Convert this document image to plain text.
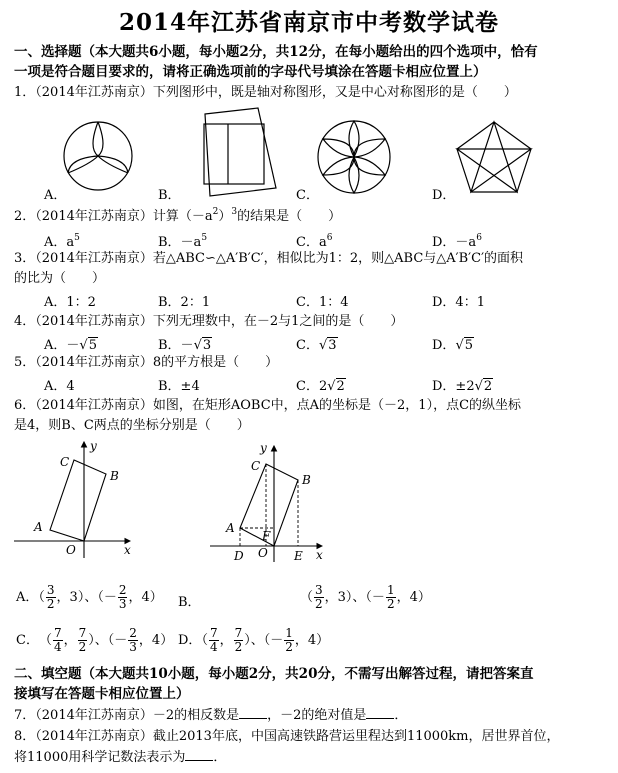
2014年江苏省南京市中考数学试卷
一、选择题（本大题共6小题，每小题2分，共12分，在每小题给出的四个选项中，恰有
一项是符合题目要求的，请将正确选项前的字母代号填涂在答题卡相应位置上）
1．（2014年江苏南京）下列图形中，既是轴对称图形，又是中心对称图形的是（　　）
A．	B．	C．	D．
2．（2014年江苏南京）计算$(-a^2)^3$的结果是（　　）
A．$a^5$	B．$-a^5$	C．$a^6$	D．$-a^6$
3．（2014年江苏南京）若△ABC∽△A′B′C′，相似比为1：2，则△ABC与△A′B′C′的面积
的比为（　　）
A．1：2	B．2：1	C．1：4	D．4：1
4．（2014年江苏南京）下列无理数中，在－2与1之间的是（　　）
A．－√5	B．－√3	C．√3	D．√5
5．（2014年江苏南京）8的平方根是（　　）
A．4	B．±4	C．2√2	D．±2√2
6．（2014年江苏南京）如图，在矩形AOBC中，点A的坐标是（－2，1），点C的纵坐标
是4，则B、C两点的坐标分别是（　　）
y
C
B
A
O	x
y
C
B
A
F
D O E x
A．（ $\frac{3}{2}$ ，3）、（－ $\frac{2}{3}$ ，4） B．	（ $\frac{3}{2}$ ，3）、（－ $\frac{1}{2}$ ，4）
C．　（ $\frac{7}{4}$ ， $\frac{7}{2}$ ）、（－ $\frac{2}{3}$ ，4） D．（ $\frac{7}{4}$ ， $\frac{7}{2}$ ）、（－ $\frac{1}{2}$ ，4）
二、填空题（本大题共10小题，每小题2分，共20分，不需写出解答过程，请把答案直
接填写在答题卡相应位置上）
7．（2014年江苏南京）－2的相反数是 ，－2的绝对值是 ．
8．（2014年江苏南京）截止2013年底，中国高速铁路营运里程达到11000km，居世界首位，
将11000用科学记数法表示为 ．
